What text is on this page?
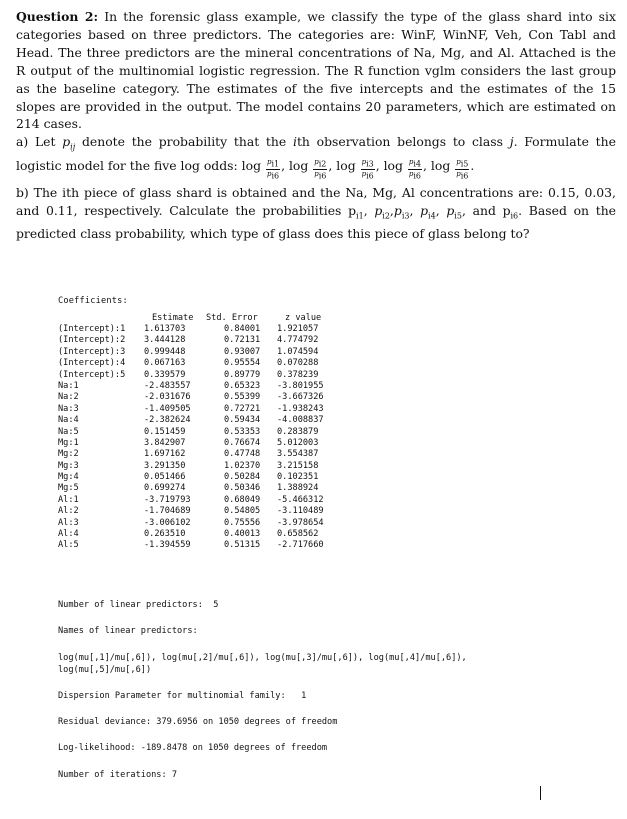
Question 2: In the forensic glass example, we classify the type of the glass shard into six categories based on three predictors. The categories are: WinF, WinNF, Veh, Con Tabl and Head. The three predictors are the mineral concentrations of Na, Mg, and Al. Attached is the R output of the multinomial logistic regression. The R function vglm considers the last group as the baseline category. The estimates of the five intercepts and the estimates of the 15 slopes are provided in the output. The model contains 20 parameters, which are estimated on 214 cases.

a) Let $p_{ij}$ denote the probability that the ith observation belongs to class j. Formulate the logistic model for the five log odds: $\log \frac{p_{i1}}{p_{i6}}$ , $\log \frac{p_{i2}}{p_{i6}}$ , $\log \frac{p_{i3}}{p_{i6}}$ , $\log \frac{p_{i4}}{p_{i6}}$ , $\log \frac{p_{i5}}{p_{i6}}$ .

b) The ith piece of glass shard is obtained and the Na, Mg, Al concentrations are: 0.15, 0.03, and 0.11, respectively. Calculate the probabilities $p_{i1}$, $p_{i2},p_{i3}$, $p_{i4}$, $p_{i5}$, and $p_{i6}$. Based on the predicted class probability, which type of glass does this piece of glass belong to?
Coefficients:
Estimate Std. Error	z value
(Intercept):1 1.613703	0.84001 1.921057
(Intercept):2 3.444128	0.72131 4.774792
(Intercept):3 0.999448	0.93007 1.074594
(Intercept):4 0.067163	0.95554 0.070288
(Intercept):5 0.339579	0.89779 0.378239
Na:1	-2.483557	0.65323 -3.801955
Na:2	-2.031676	0.55399 -3.667326
Na:3	-1.409505	0.72721 -1.938243
Na:4	-2.382624	0.59434 -4.008837
Na:5	0.151459	0.53353 0.283879
Mg:1	3.842907	0.76674 5.012003
Mg:2	1.697162	0.47748 3.554387
Mg:3	3.291350	1.02370 3.215158
Mg:4	0.051466	0.50284 0.102351
Mg:5	0.699274	0.50346 1.388924
Al:1	-3.719793	0.68049 -5.466312
Al:2	-1.704689	0.54805 -3.110489
Al:3	-3.006102	0.75556 -3.978654
Al:4	0.263510	0.40013 0.658562
Al:5	-1.394559	0.51315 -2.717660
Number of linear predictors:  5
Names of linear predictors:
log(mu[,1]/mu[,6]), log(mu[,2]/mu[,6]), log(mu[,3]/mu[,6]), log(mu[,4]/mu[,6]),
log(mu[,5]/mu[,6])
Dispersion Parameter for multinomial family:   1
Residual deviance: 379.6956 on 1050 degrees of freedom
Log-likelihood: -189.8478 on 1050 degrees of freedom
Number of iterations: 7
